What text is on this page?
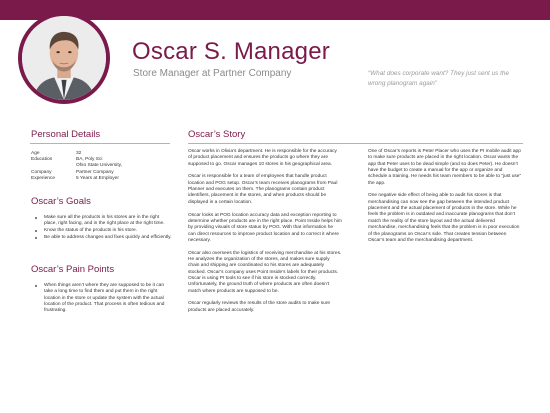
Oscar S. Manager
Store Manager at Partner Company	“What does corporate want? They just sent us the wrong planogram again”
Personal Details
Age	32
Education	BA, Poly Sci
Ohio State University,
Company	Partner Company
Experience	5 Years at Employer
Oscar’s Goals
Make sure all the products in his stores are in the right place, right facing, and in the right place at the right time.
Know the status of the products in his store.
Be able to address changes and fixes quickly and efficiently.
Oscar’s Pain Points
When things aren’t where they are supposed to be it can take a long time to find them and put them in the right location in the store or update the system with the actual location of the product. That process is often tedious and frustrating.
Oscar’s Story

Oscar works in Olivia’s department. He is responsible for the accuracy of product placement and ensures the products go where they are supposed to go. Oscar manages 10 stores in his geographical area.

Oscar is responsible for a team of employees that handle product location and POG setup. Oscar’s team receives planograms from Paul Planner and executes on them. The planograms contain product identifiers, placement in the stores, and when products should be displayed in a certain location.

Oscar looks at POG location accuracy data and exception reporting to determine whether products are in the right place. Point Inside helps him by providing visuals of store status by POG. With that information he can direct resources to improve product location and to correct it where necessary.

Oscar also oversees the logistics of receiving merchandise at his stores. He analyzes the organization of the stores, and makes sure supply chain and shipping are coordinated so his stores are adequately stocked. Oscar’s company uses Point Inside’s labels for their products. Oscar is using PI tools to see if his store is stocked correctly. Unfortunately, the ground truth of where products are often doesn’t match where products are supposed to be.

Oscar regularly reviews the results of the store audits to make sure products are placed accurately.

One of Oscar’s reports is Peter Placer who uses the PI mobile audit app to make sure products are placed in the right location. Oscar wants the app that Peter uses to be dead simple (and so does Peter). He doesn’t have the budget to create a manual for the app or organize and schedule a training. He needs his team members to be able to “just use” the app.

One negative side effect of being able to audit his stores is that merchandising can now see the gap between the intended product placement and the actual placement of products in the store. While he feels the problem is in outdated and inaccurate planograms that don’t match the reality of the store layout and the actual delivered merchandise, merchandising feels that the problem is in poor execution of the planograms on Oscar’s side. That creates tension between Oscar’s team and the merchandising department.
